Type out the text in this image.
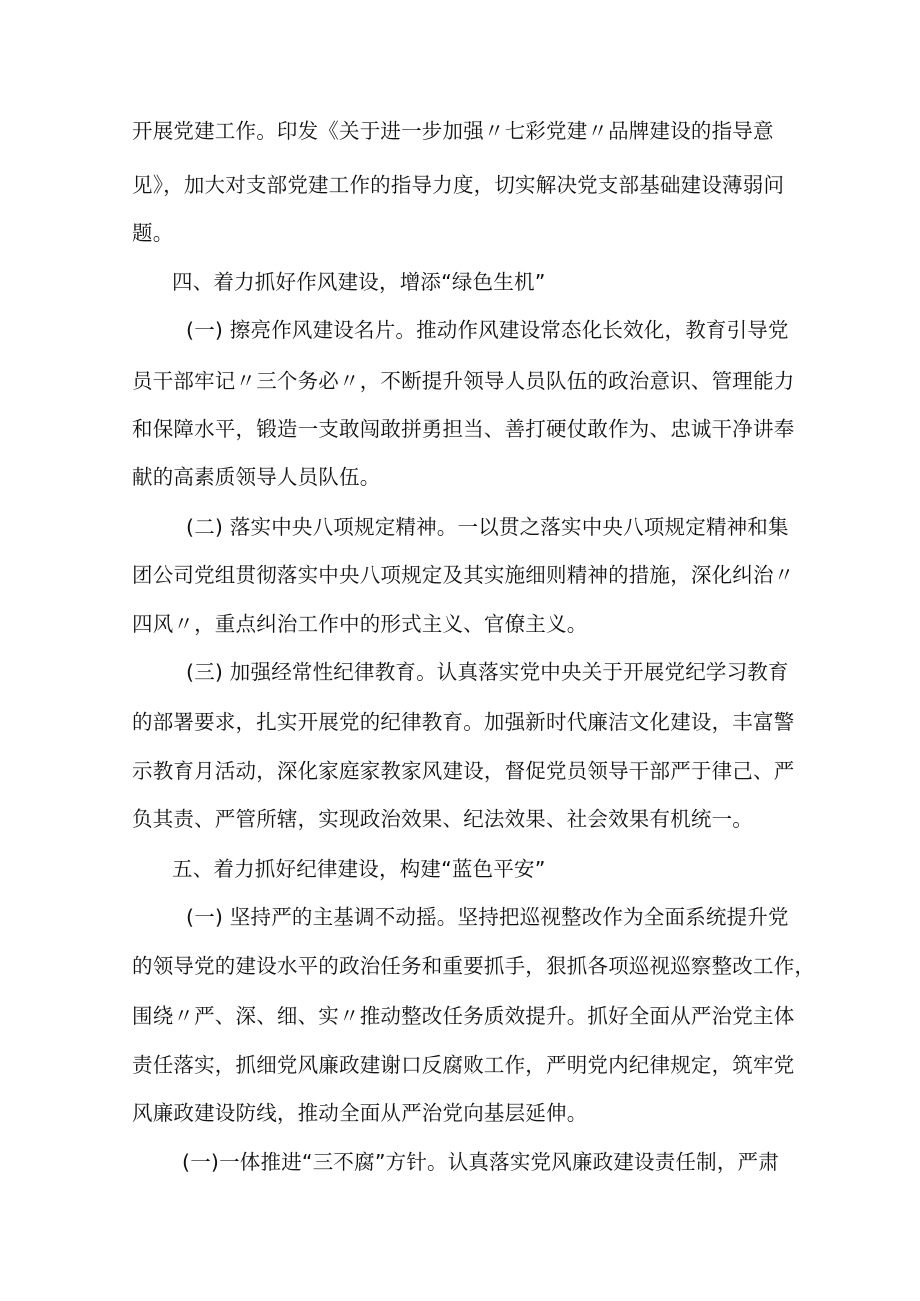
开展党建工作。印发《关于进一步加强〃七彩党建〃品牌建设的指导意
见》，加大对支部党建工作的指导力度，切实解决党支部基础建设薄弱问
题。
四、着力抓好作风建设，增添“绿色生机”
(一) 擦亮作风建设名片。推动作风建设常态化长效化，教育引导党
员干部牢记〃三个务必〃，不断提升领导人员队伍的政治意识、管理能力
和保障水平，锻造一支敢闯敢拼勇担当、善打硬仗敢作为、忠诚干净讲奉
献的高素质领导人员队伍。
(二) 落实中央八项规定精神。一以贯之落实中央八项规定精神和集
团公司党组贯彻落实中央八项规定及其实施细则精神的措施，深化纠治〃
四风〃，重点纠治工作中的形式主义、官僚主义。
(三) 加强经常性纪律教育。认真落实党中央关于开展党纪学习教育
的部署要求，扎实开展党的纪律教育。加强新时代廉洁文化建设，丰富警
示教育月活动，深化家庭家教家风建设，督促党员领导干部严于律己、严
负其责、严管所辖，实现政治效果、纪法效果、社会效果有机统一。
五、着力抓好纪律建设，构建“蓝色平安”
(一) 坚持严的主基调不动摇。坚持把巡视整改作为全面系统提升党
的领导党的建设水平的政治任务和重要抓手，狠抓各项巡视巡察整改工作，
围绕〃严、深、细、实〃推动整改任务质效提升。抓好全面从严治党主体
责任落实，抓细党风廉政建谢口反腐败工作，严明党内纪律规定，筑牢党
风廉政建设防线，推动全面从严治党向基层延伸。
(一)一体推进“三不腐”方针。认真落实党风廉政建设责任制，严肃
